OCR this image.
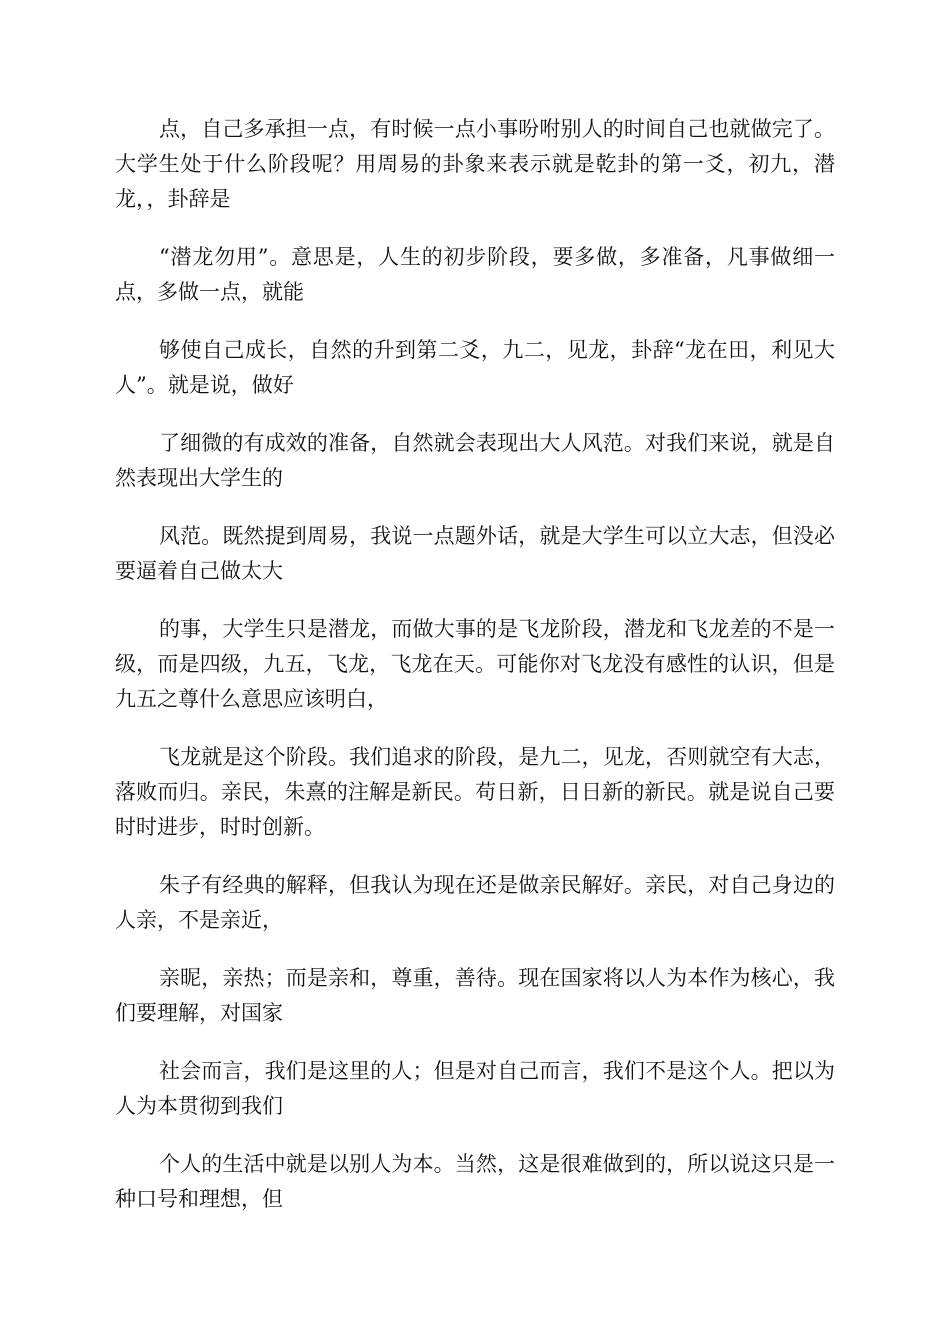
点，自己多承担一点，有时候一点小事吩咐别人的时间自己也就做完了。大学生处于什么阶段呢？用周易的卦象来表示就是乾卦的第一爻，初九，潜龙，，卦辞是

“潜龙勿用”。意思是，人生的初步阶段，要多做，多准备，凡事做细一点，多做一点，就能

够使自己成长，自然的升到第二爻，九二，见龙，卦辞“龙在田，利见大人”。就是说，做好

了细微的有成效的准备，自然就会表现出大人风范。对我们来说，就是自然表现出大学生的

风范。既然提到周易，我说一点题外话，就是大学生可以立大志，但没必要逼着自己做太大

的事，大学生只是潜龙，而做大事的是飞龙阶段，潜龙和飞龙差的不是一级，而是四级，九五，飞龙，飞龙在天。可能你对飞龙没有感性的认识，但是九五之尊什么意思应该明白，

飞龙就是这个阶段。我们追求的阶段，是九二，见龙，否则就空有大志，落败而归。亲民，朱熹的注解是新民。苟日新，日日新的新民。就是说自己要时时进步，时时创新。

朱子有经典的解释，但我认为现在还是做亲民解好。亲民，对自己身边的人亲，不是亲近，

亲昵，亲热；而是亲和，尊重，善待。现在国家将以人为本作为核心，我们要理解，对国家

社会而言，我们是这里的人；但是对自己而言，我们不是这个人。把以为人为本贯彻到我们

个人的生活中就是以别人为本。当然，这是很难做到的，所以说这只是一种口号和理想，但
